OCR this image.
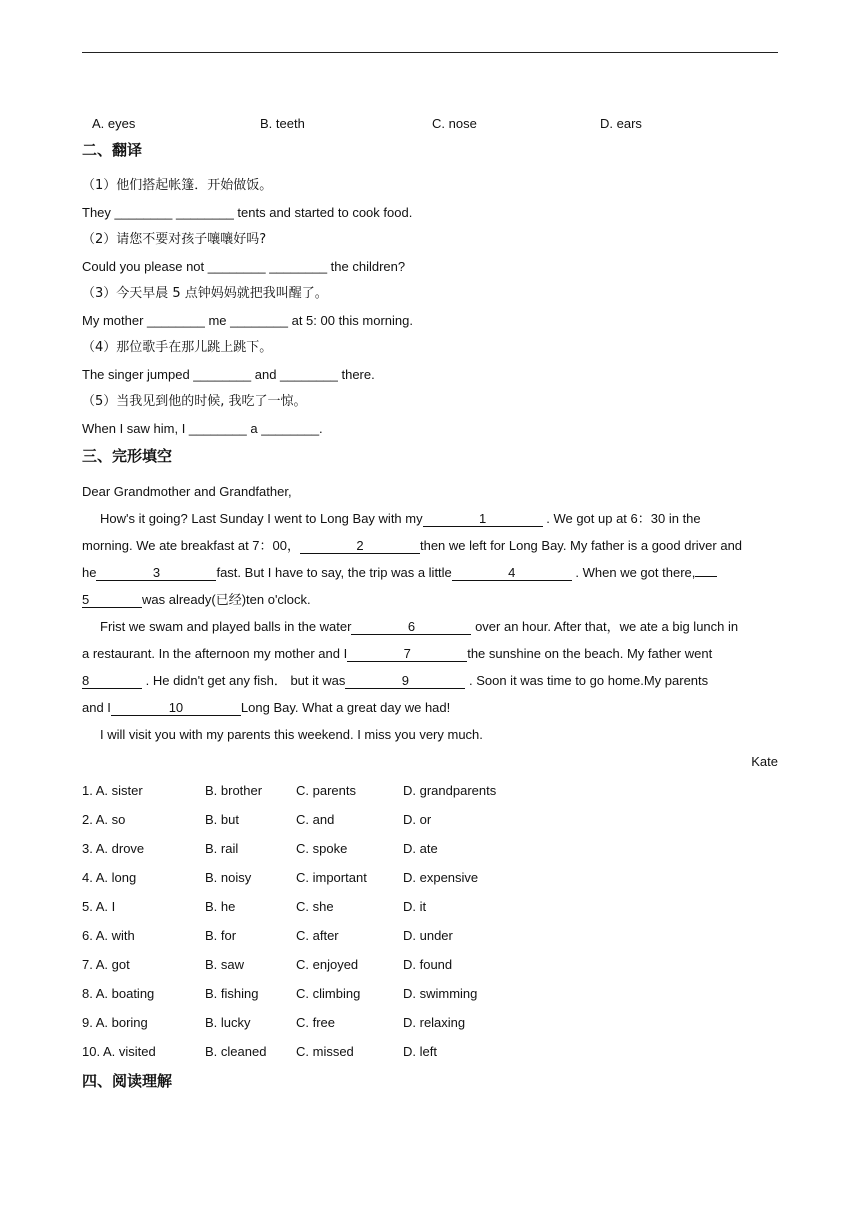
A. eyes	B. teeth	C. nose	D. ears
二、翻译
（1）他们搭起帐篷．开始做饭。
They ________ ________ tents and started to cook food.
（2）请您不要对孩子嚷嚷好吗?
Could you please not ________ ________ the children?
（3）今天早晨 5 点钟妈妈就把我叫醒了。
My mother ________ me ________ at 5: 00 this morning.
（4）那位歌手在那儿跳上跳下。
The singer jumped ________ and ________ there.
（5）当我见到他的时候, 我吃了一惊。
When I saw him, I ________ a ________.
三、完形填空
Dear Grandmother and Grandfather,
How's it going? Last Sunday I went to Long Bay with my	1	. We got up at 6：30 in the
morning. We ate breakfast at 7：00，	2	then we left for Long Bay. My father is a good driver and
he	3	fast. But I have to say, the trip was a little	4	. When we got there,
5	was already(已经)ten o'clock.
Frist we swam and played balls in the water	6	over an hour. After that，we ate a big lunch in
a restaurant. In the afternoon my mother and I	7	the sunshine on the beach. My father went
8	. He didn't get any fish． but it was	9	. Soon it was time to go home.My parents
and I	10	Long Bay. What a great day we had!
I will visit you with my parents this weekend. I miss you very much.
Kate
1. A. sister	B. brother	C. parents	D. grandparents
2. A. so	B. but	C. and	D. or
3. A. drove	B. rail	C. spoke	D. ate
4. A. long	B. noisy	C. important	D. expensive
5. A. I	B. he	C. she	D. it
6. A. with	B. for	C. after	D. under
7. A. got	B. saw	C. enjoyed	D. found
8. A. boating	B. fishing	C. climbing	D. swimming
9. A. boring	B. lucky	C. free	D. relaxing
10. A. visited	B. cleaned C. missed	D. left
四、阅读理解
